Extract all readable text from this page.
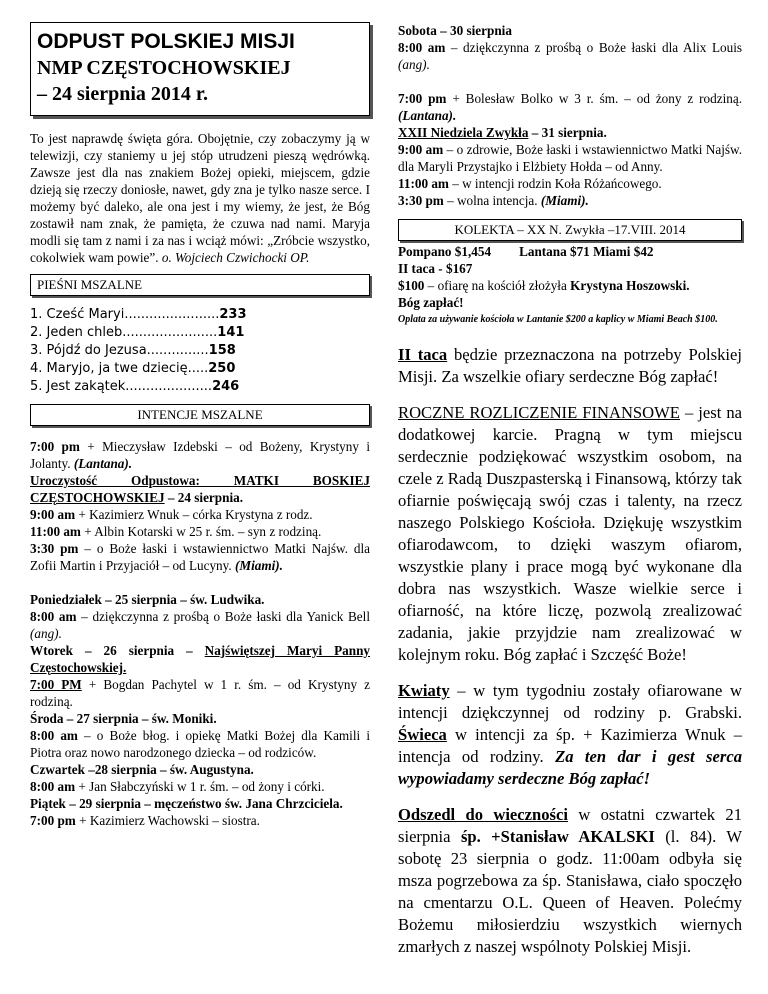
ODPUST POLSKIEJ MISJI
NMP CZĘSTOCHOWSKIEJ
– 24 sierpnia 2014 r.
To jest naprawdę święta góra. Obojętnie, czy zobaczymy ją w telewizji, czy staniemy u jej stóp utrudzeni pieszą wędrówką. Zawsze jest dla nas znakiem Bożej opieki, miejscem, gdzie dzieją się rzeczy doniosłe, nawet, gdy zna je tylko nasze serce. I możemy być daleko, ale ona jest i my wiemy, że jest, że Bóg zostawił nam znak, że pamięta, że czuwa nad nami. Maryja modli się tam z nami i za nas i wciąż mówi: „Zróbcie wszystko, cokolwiek wam powie”. o. Wojciech Czwichocki OP.
PIEŚNI MSZALNE
1. Cześć Maryi.......................233
2. Jeden chleb.......................141
3. Pójdź do Jezusa...............158
4. Maryjo, ja twe dziecię.....250
5. Jest zakątek.....................246
INTENCJE MSZALNE
7:00 pm + Mieczysław Izdebski – od Bożeny, Krystyny i Jolanty. (Lantana).
Uroczystość Odpustowa: MATKI BOSKIEJ CZĘSTOCHOWSKIEJ – 24 sierpnia.
9:00 am + Kazimierz Wnuk – córka Krystyna z rodz.
11:00 am + Albin Kotarski w 25 r. śm. – syn z rodziną.
3:30 pm – o Boże łaski i wstawiennictwo Matki Najśw. dla Zofii Martin i Przyjaciół – od Lucyny. (Miami).
Poniedziałek – 25 sierpnia – św. Ludwika.
8:00 am – dziękczynna z prośbą o Boże łaski dla Yanick Bell (ang).
Wtorek – 26 sierpnia – Najświętszej Maryi Panny Częstochowskiej.
7:00 PM + Bogdan Pachytel w 1 r. śm. – od Krystyny z rodziną.
Środa – 27 sierpnia – św. Moniki.
8:00 am – o Boże błog. i opiekę Matki Bożej dla Kamili i Piotra oraz nowo narodzonego dziecka – od rodziców.
Czwartek –28 sierpnia – św. Augustyna.
8:00 am + Jan Słabczyński w 1 r. śm. – od żony i córki.
Piątek – 29 sierpnia – męczeństwo św. Jana Chrzciciela.
7:00 pm + Kazimierz Wachowski – siostra.
Sobota – 30 sierpnia
8:00 am – dziękczynna z prośbą o Boże łaski dla Alix Louis (ang).
7:00 pm + Bolesław Bolko w 3 r. śm. – od żony z rodziną. (Lantana).
XXII Niedziela Zwykła – 31 sierpnia.
9:00 am – o zdrowie, Boże łaski i wstawiennictwo Matki Najśw. dla Maryli Przystajko i Elżbiety Hołda – od Anny.
11:00 am – w intencji rodzin Koła Różańcowego.
3:30 pm – wolna intencja. (Miami).
KOLEKTA – XX N. Zwykła –17.VIII. 2014
Pompano $1,454 Lantana $71 Miami $42
II taca - $167
$100 – ofiarę na kościół złożyła Krystyna Hoszowski.
Bóg zapłać!
Oplata za używanie kościoła w Lantanie $200 a kaplicy w Miami Beach $100.
II taca będzie przeznaczona na potrzeby Polskiej Misji. Za wszelkie ofiary serdeczne Bóg zapłać!
ROCZNE ROZLICZENIE FINANSOWE – jest na dodatkowej karcie. Pragną w tym miejscu serdecznie podziękować wszystkim osobom, na czele z Radą Duszpasterską i Finansową, którzy tak ofiarnie poświęcają swój czas i talenty, na rzecz naszego Polskiego Kościoła. Dziękuję wszystkim ofiarodawcom, to dzięki waszym ofiarom, wszystkie plany i prace mogą być wykonane dla dobra nas wszystkich. Wasze wielkie serce i ofiarność, na które liczę, pozwolą zrealizować zadania, jakie przyjdzie nam zrealizować w kolejnym roku. Bóg zapłać i Szczęść Boże!
Kwiaty – w tym tygodniu zostały ofiarowane w intencji dziękczynnej od rodziny p. Grabski. Świeca w intencji za śp. + Kazimierza Wnuk – intencja od rodziny. Za ten dar i gest serca wypowiadamy serdeczne Bóg zapłać!
Odszedl do wieczności w ostatni czwartek 21 sierpnia śp. +Stanisław AKALSKI (l. 84). W sobotę 23 sierpnia o godz. 11:00am odbyła się msza pogrzebowa za śp. Stanisława, ciało spoczęło na cmentarzu O.L. Queen of Heaven. Polećmy Bożemu miłosierdziu wszystkich wiernych zmarłych z naszej wspólnoty Polskiej Misji.
